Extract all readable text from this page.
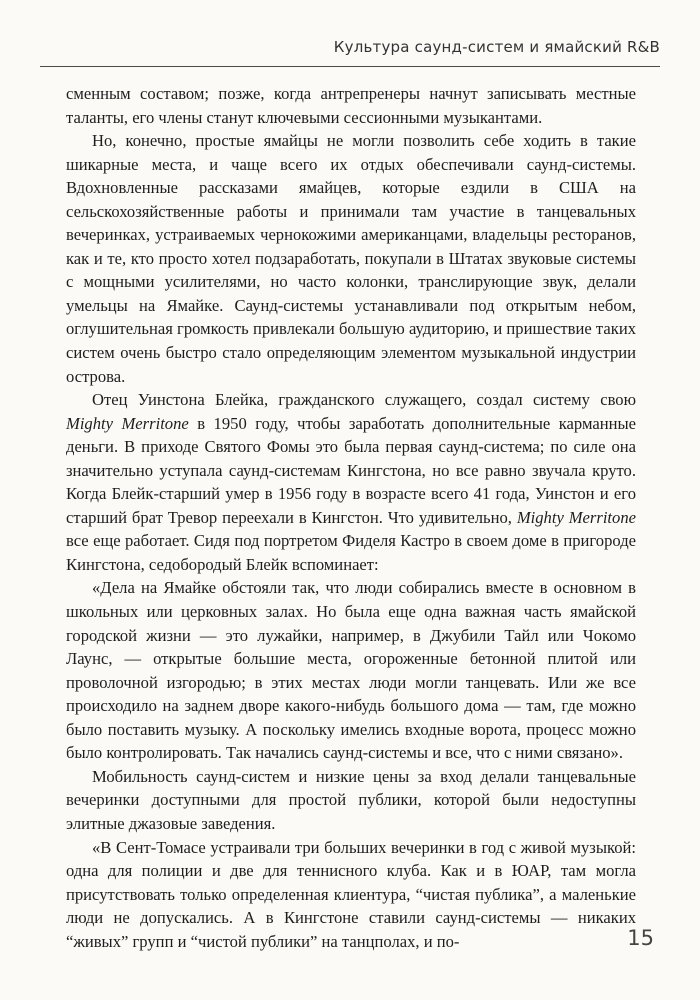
Культура саунд-систем и ямайский R&B

сменным составом; позже, когда антрепренеры начнут записывать местные таланты, его члены станут ключевыми сессионными музыкантами.

Но, конечно, простые ямайцы не могли позволить себе ходить в такие шикарные места, и чаще всего их отдых обеспечивали саунд-системы. Вдохновленные рассказами ямайцев, которые ездили в США на сельскохозяйственные работы и принимали там участие в танцевальных вечеринках, устраиваемых чернокожими американцами, владельцы ресторанов, как и те, кто просто хотел подзаработать, покупали в Штатах звуковые системы с мощными усилителями, но часто колонки, транслирующие звук, делали умельцы на Ямайке. Саунд-системы устанавливали под открытым небом, оглушительная громкость привлекали большую аудиторию, и пришествие таких систем очень быстро стало определяющим элементом музыкальной индустрии острова.

Отец Уинстона Блейка, гражданского служащего, создал систему свою Mighty Merritone в 1950 году, чтобы заработать дополнительные карманные деньги. В приходе Святого Фомы это была первая саунд-система; по силе она значительно уступала саунд-системам Кингстона, но все равно звучала круто. Когда Блейк-старший умер в 1956 году в возрасте всего 41 года, Уинстон и его старший брат Тревор переехали в Кингстон. Что удивительно, Mighty Merritone все еще работает. Сидя под портретом Фиделя Кастро в своем доме в пригороде Кингстона, седобородый Блейк вспоминает:

«Дела на Ямайке обстояли так, что люди собирались вместе в основном в школьных или церковных залах. Но была еще одна важная часть ямайской городской жизни — это лужайки, например, в Джубили Тайл или Чокомо Лаунс, — открытые большие места, огороженные бетонной плитой или проволочной изгородью; в этих местах люди могли танцевать. Или же все происходило на заднем дворе какого-нибудь большого дома — там, где можно было поставить музыку. А поскольку имелись входные ворота, процесс можно было контролировать. Так начались саунд-системы и все, что с ними связано».

Мобильность саунд-систем и низкие цены за вход делали танцевальные вечеринки доступными для простой публики, которой были недоступны элитные джазовые заведения.

«В Сент-Томасе устраивали три больших вечеринки в год с живой музыкой: одна для полиции и две для теннисного клуба. Как и в ЮАР, там могла присутствовать только определенная клиентура, “чистая публика”, а маленькие люди не допускались. А в Кингстоне ставили саунд-системы — никаких “живых” групп и “чистой публики” на танцполах, и по-	15
